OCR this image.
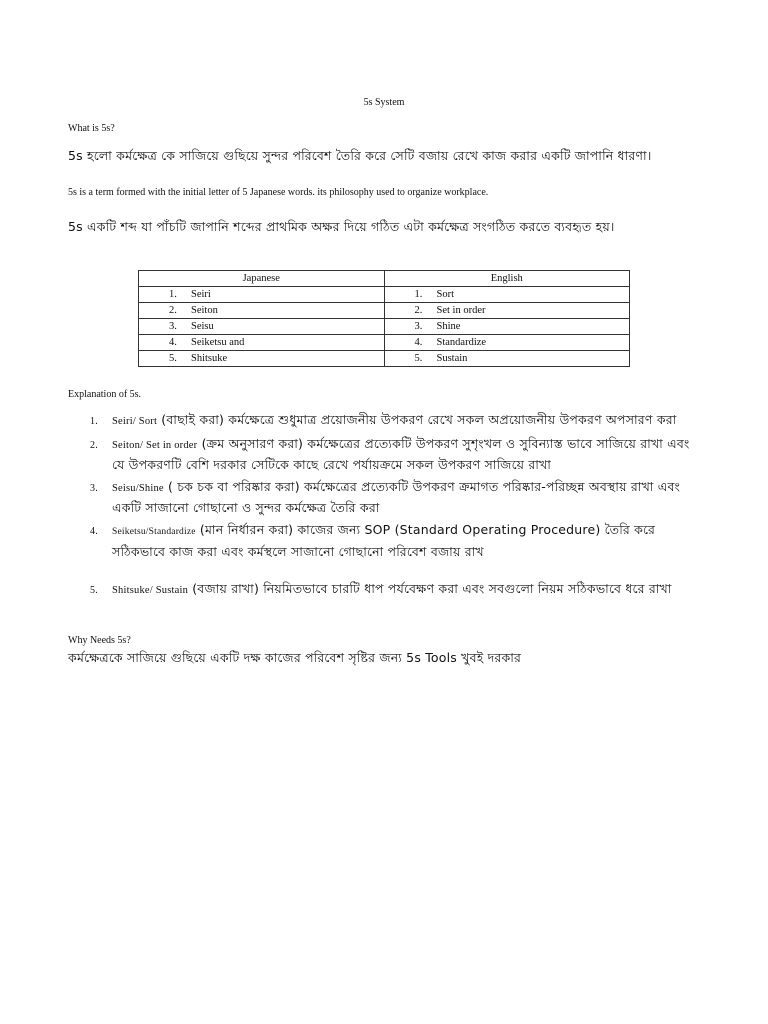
5s System
What is 5s?
5s হলো কর্মক্ষেত্র কে সাজিয়ে গুছিয়ে সুন্দর পরিবেশ তৈরি করে সেটি বজায় রেখে কাজ করার একটি জাপানি ধারণা।
5s is a term formed with the initial letter of 5 Japanese words. its philosophy used to organize workplace.
5s একটি শব্দ যা পাঁচটি জাপানি শব্দের প্রাথমিক অক্ষর দিয়ে গঠিত এটা কর্মক্ষেত্র সংগঠিত করতে ব্যবহৃত হয়।
Japanese	English
1. Seiri	1. Sort
2. Seiton	2. Set in order
3. Seisu	3. Shine
4. Seiketsu and	4. Standardize
5. Shitsuke	5. Sustain
Explanation of 5s.
1. Seiri/ Sort (বাছাই করা) কর্মক্ষেত্রে শুধুমাত্র প্রয়োজনীয় উপকরণ রেখে সকল অপ্রয়োজনীয় উপকরণ অপসারণ করা
2. Seiton/ Set in order (ক্রম অনুসারণ করা) কর্মক্ষেত্রের প্রত্যেকটি উপকরণ সুশৃংখল ও সুবিন্যাস্ত ভাবে সাজিয়ে রাখা এবং যে উপকরণটি বেশি দরকার সেটিকে কাছে রেখে পর্যায়ক্রমে সকল উপকরণ সাজিয়ে রাখা
3. Seisu/Shine ( চক চক বা পরিষ্কার করা) কর্মক্ষেত্রের প্রত্যেকটি উপকরণ ক্রমাগত পরিষ্কার-পরিচ্ছন্ন অবস্থায় রাখা এবং একটি সাজানো গোছানো ও সুন্দর কর্মক্ষেত্র তৈরি করা
4. Seiketsu/Standardize (মান নির্ধারন করা) কাজের জন্য SOP (Standard Operating Procedure) তৈরি করে সঠিকভাবে কাজ করা এবং কর্মস্থলে সাজানো গোছানো পরিবেশ বজায় রাখ
5. Shitsuke/ Sustain (বজায় রাখা) নিয়মিতভাবে চারটি ধাপ পর্যবেক্ষণ করা এবং সবগুলো নিয়ম সঠিকভাবে ধরে রাখা
Why Needs 5s?
কর্মক্ষেত্রকে সাজিয়ে গুছিয়ে একটি দক্ষ কাজের পরিবেশ সৃষ্টির জন্য 5s Tools খুবই দরকার
